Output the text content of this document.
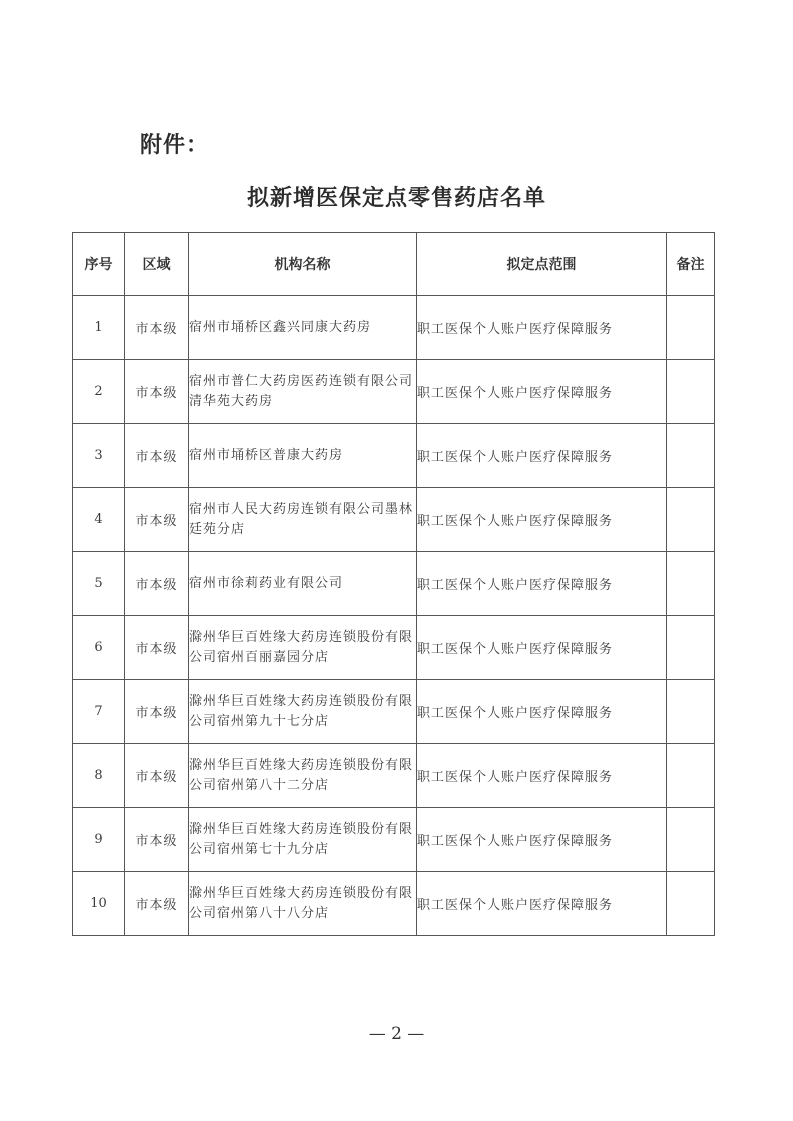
附件：
拟新增医保定点零售药店名单
序号	区域	机构名称	拟定点范围	备注
1	市本级	宿州市埇桥区鑫兴同康大药房	职工医保个人账户医疗保障服务	
2	市本级	宿州市普仁大药房医药连锁有限公司清华苑大药房	职工医保个人账户医疗保障服务	
3	市本级	宿州市埇桥区普康大药房	职工医保个人账户医疗保障服务	
4	市本级	宿州市人民大药房连锁有限公司墨林廷苑分店	职工医保个人账户医疗保障服务	
5	市本级	宿州市徐莉药业有限公司	职工医保个人账户医疗保障服务	
6	市本级	滁州华巨百姓缘大药房连锁股份有限公司宿州百丽嘉园分店	职工医保个人账户医疗保障服务	
7	市本级	滁州华巨百姓缘大药房连锁股份有限公司宿州第九十七分店	职工医保个人账户医疗保障服务	
8	市本级	滁州华巨百姓缘大药房连锁股份有限公司宿州第八十二分店	职工医保个人账户医疗保障服务	
9	市本级	滁州华巨百姓缘大药房连锁股份有限公司宿州第七十九分店	职工医保个人账户医疗保障服务	
10	市本级	滁州华巨百姓缘大药房连锁股份有限公司宿州第八十八分店	职工医保个人账户医疗保障服务	
— 2 —
